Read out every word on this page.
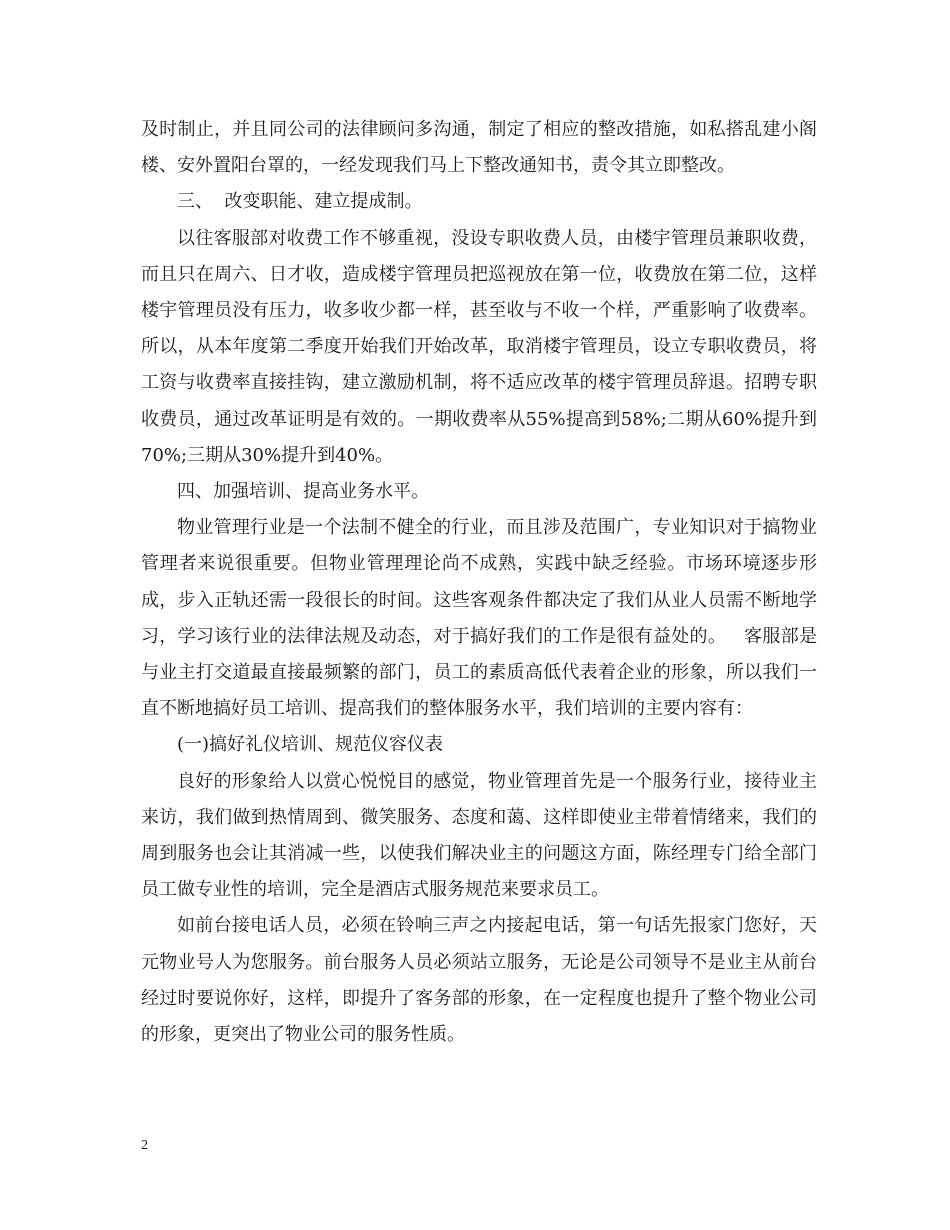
及时制止，并且同公司的法律顾问多沟通，制定了相应的整改措施，如私搭乱建小阁楼、安外置阳台罩的，一经发现我们马上下整改通知书，责令其立即整改。

三、  改变职能、建立提成制。

以往客服部对收费工作不够重视，没设专职收费人员，由楼宇管理员兼职收费，而且只在周六、日才收，造成楼宇管理员把巡视放在第一位，收费放在第二位，这样楼宇管理员没有压力，收多收少都一样，甚至收与不收一个样，严重影响了收费率。所以，从本年度第二季度开始我们开始改革，取消楼宇管理员，设立专职收费员，将工资与收费率直接挂钩，建立激励机制，将不适应改革的楼宇管理员辞退。招聘专职收费员，通过改革证明是有效的。一期收费率从55%提高到58%;二期从60%提升到70%;三期从30%提升到40%。

四、加强培训、提高业务水平。

物业管理行业是一个法制不健全的行业，而且涉及范围广，专业知识对于搞物业管理者来说很重要。但物业管理理论尚不成熟，实践中缺乏经验。市场环境逐步形成，步入正轨还需一段很长的时间。这些客观条件都决定了我们从业人员需不断地学习，学习该行业的法律法规及动态，对于搞好我们的工作是很有益处的。   客服部是与业主打交道最直接最频繁的部门，员工的素质高低代表着企业的形象，所以我们一直不断地搞好员工培训、提高我们的整体服务水平，我们培训的主要内容有：

(一)搞好礼仪培训、规范仪容仪表

良好的形象给人以赏心悦悦目的感觉，物业管理首先是一个服务行业，接待业主来访，我们做到热情周到、微笑服务、态度和蔼、这样即使业主带着情绪来，我们的周到服务也会让其消减一些，以使我们解决业主的问题这方面，陈经理专门给全部门员工做专业性的培训，完全是酒店式服务规范来要求员工。

如前台接电话人员，必须在铃响三声之内接起电话，第一句话先报家门您好，天元物业号人为您服务。前台服务人员必须站立服务，无论是公司领导不是业主从前台经过时要说你好，这样，即提升了客务部的形象，在一定程度也提升了整个物业公司的形象，更突出了物业公司的服务性质。

2
